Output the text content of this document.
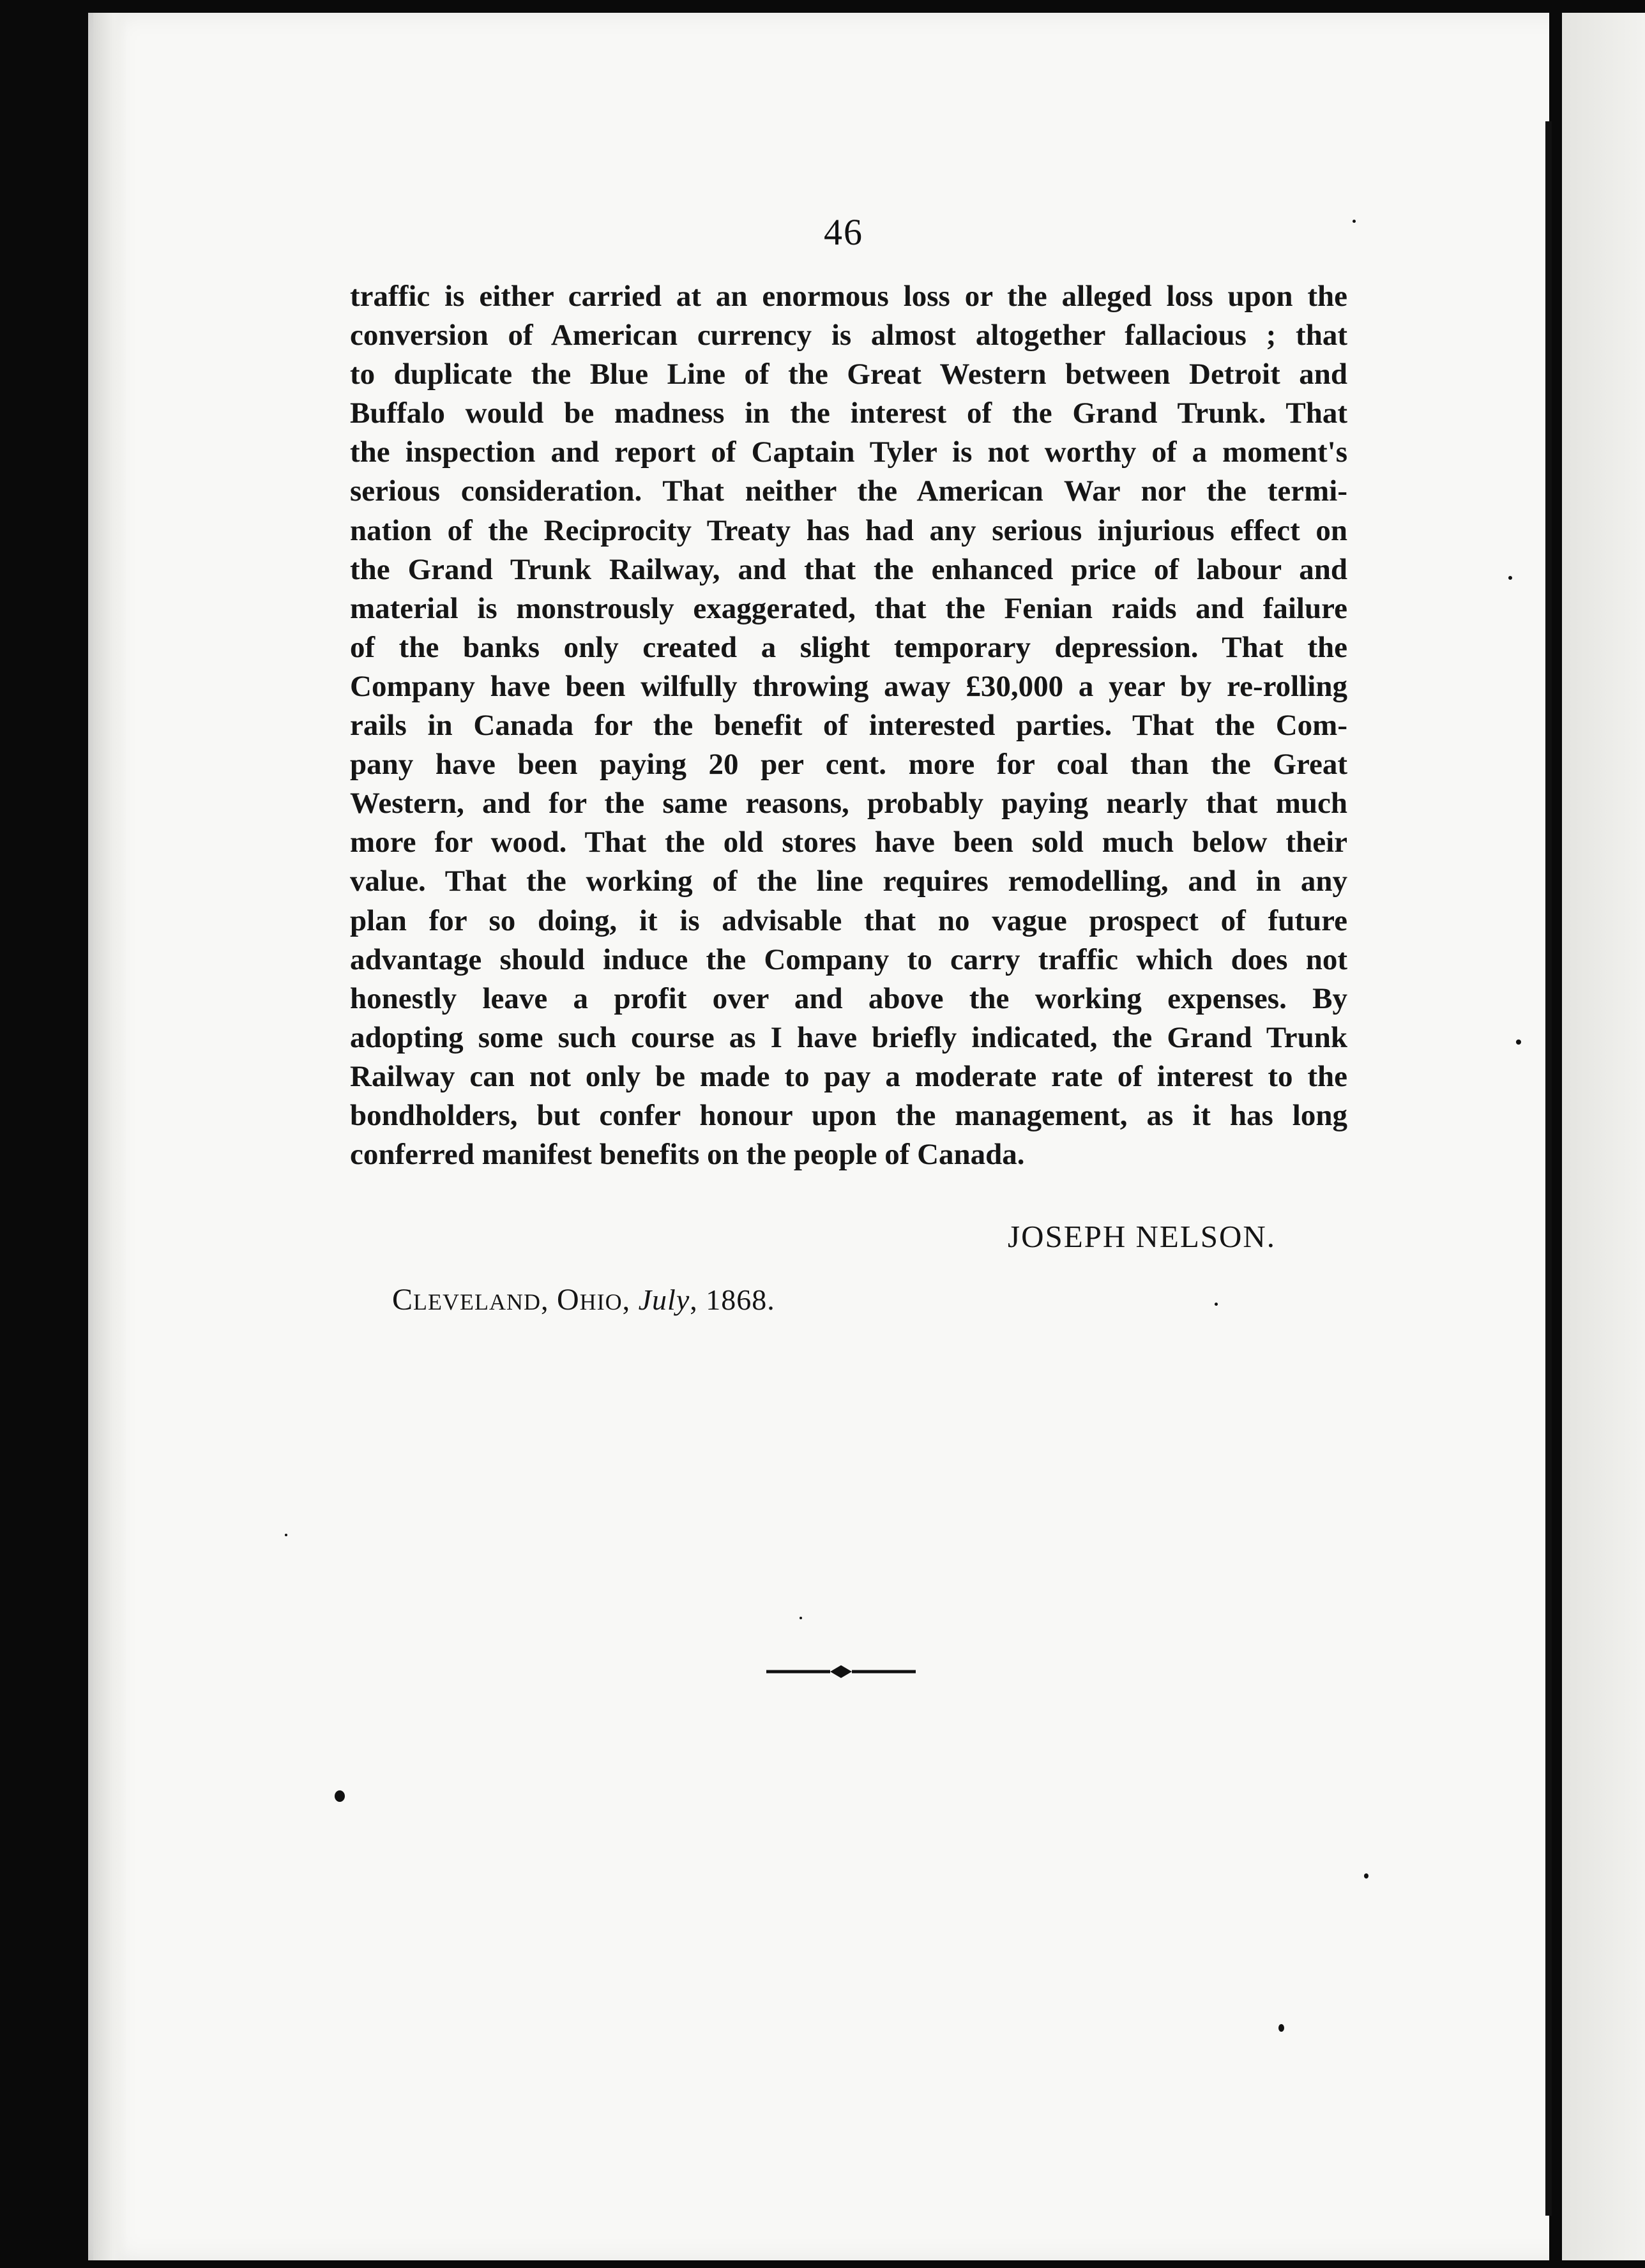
46
traffic is either carried at an enormous loss or the alleged loss upon the
conversion of American currency is almost altogether fallacious ; that
to duplicate the Blue Line of the Great Western between Detroit and
Buffalo would be madness in the interest of the Grand Trunk. That
the inspection and report of Captain Tyler is not worthy of a moment's
serious consideration. That neither the American War nor the termi-
nation of the Reciprocity Treaty has had any serious injurious effect on
the Grand Trunk Railway, and that the enhanced price of labour and
material is monstrously exaggerated, that the Fenian raids and failure
of the banks only created a slight temporary depression. That the
Company have been wilfully throwing away £30,000 a year by re-rolling
rails in Canada for the benefit of interested parties. That the Com-
pany have been paying 20 per cent. more for coal than the Great
Western, and for the same reasons, probably paying nearly that much
more for wood. That the old stores have been sold much below their
value. That the working of the line requires remodelling, and in any
plan for so doing, it is advisable that no vague prospect of future
advantage should induce the Company to carry traffic which does not
honestly leave a profit over and above the working expenses. By
adopting some such course as I have briefly indicated, the Grand Trunk
Railway can not only be made to pay a moderate rate of interest to the
bondholders, but confer honour upon the management, as it has long
conferred manifest benefits on the people of Canada.
JOSEPH NELSON.
CLEVELAND, OHIO, July, 1868.
